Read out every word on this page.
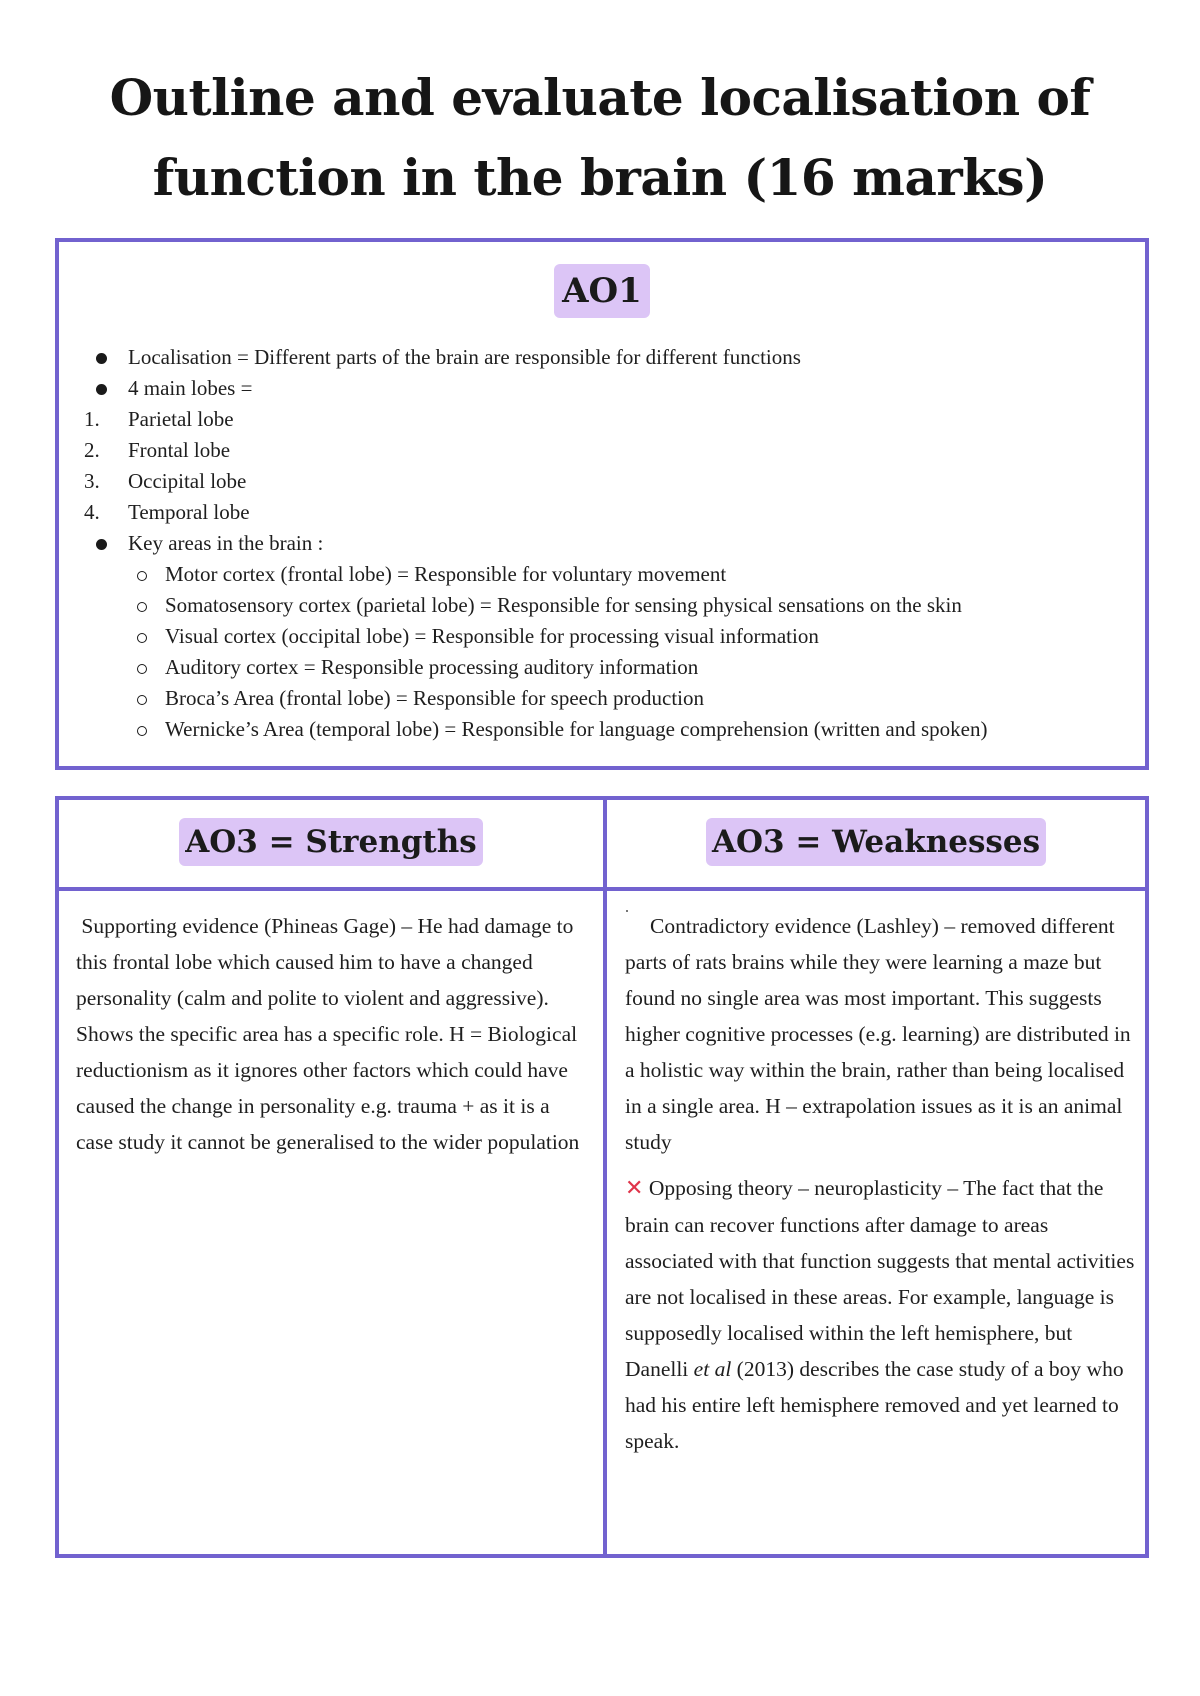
Outline and evaluate localisation of
function in the brain (16 marks)
AO1
Localisation = Different parts of the brain are responsible for different functions
4 main lobes =
1. Parietal lobe
2. Frontal lobe
3. Occipital lobe
4. Temporal lobe
Key areas in the brain :
Motor cortex (frontal lobe) = Responsible for voluntary movement
Somatosensory cortex (parietal lobe) = Responsible for sensing physical sensations on the skin
Visual cortex (occipital lobe) = Responsible for processing visual information
Auditory cortex = Responsible processing auditory information
Broca’s Area (frontal lobe) = Responsible for speech production
Wernicke’s Area (temporal lobe) = Responsible for language comprehension (written and spoken)
AO3 = Strengths	AO3 = Weaknesses

Supporting evidence (Phineas Gage) – He had damage to this frontal lobe which caused him to have a changed personality (calm and polite to violent and aggressive). Shows the specific area has a specific role. H = Biological reductionism as it ignores other factors which could have caused the change in personality e.g. trauma + as it is a case study it cannot be generalised to the wider population

Contradictory evidence (Lashley) – removed different parts of rats brains while they were learning a maze but found no single area was most important. This suggests higher cognitive processes (e.g. learning) are distributed in a holistic way within the brain, rather than being localised in a single area. H – extrapolation issues as it is an animal study

✕ Opposing theory – neuroplasticity – The fact that the brain can recover functions after damage to areas associated with that function suggests that mental activities are not localised in these areas. For example, language is supposedly localised within the left hemisphere, but Danelli et al (2013) describes the case study of a boy who had his entire left hemisphere removed and yet learned to speak.
